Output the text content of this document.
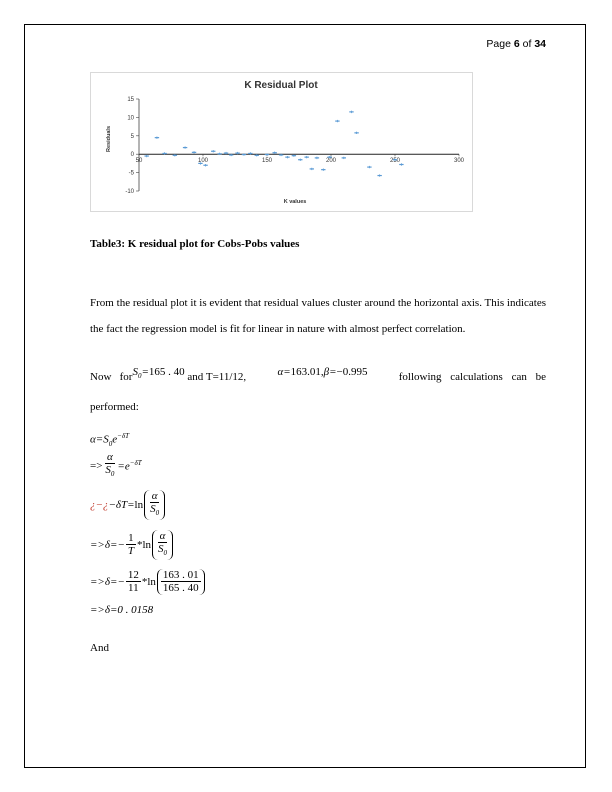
Page 6 of 34
K Residual Plot
Residuals
K values
15
10
5
0
-5
-10
50	100	150	200	250	300
Table3: K residual plot for Cobs-Pobs values

From the residual plot it is evident that residual values cluster around the horizontal axis. This indicates the fact the regression model is fit for linear in nature with almost perfect correlation.

Now forS$_0$=165 . 40 and T=11/12,	α=163.01,β=−0.995	following calculations can be
performed:
$\alpha=S_0e^{-\delta T}$
=> $\frac{\alpha}{S_0} =e^{-\delta T}$
¿−¿ $-\delta T = \ln \frac{\alpha}{S_0}$
$=>\delta=- \frac{1}{T} *\ln \frac{\alpha}{S_0}$
$=>\delta=- \frac{12}{11} *\ln \frac{163 . 01}{165 . 40}$
=>δ=0 . 0158
And
